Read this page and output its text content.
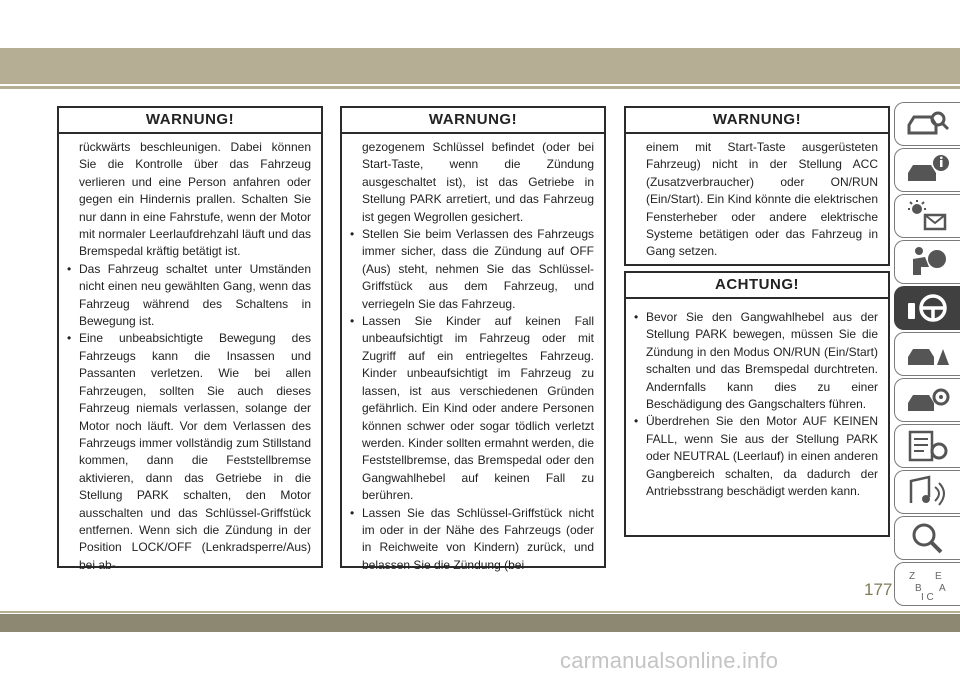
WARNUNG!
rückwärts beschleunigen. Dabei können Sie die Kontrolle über das Fahrzeug verlieren und eine Person anfahren oder gegen ein Hindernis prallen. Schalten Sie nur dann in eine Fahrstufe, wenn der Motor mit normaler Leerlaufdrehzahl läuft und das Bremspedal kräftig betätigt ist.
• Das Fahrzeug schaltet unter Umständen nicht einen neu gewählten Gang, wenn das Fahrzeug während des Schaltens in Bewegung ist.
• Eine unbeabsichtigte Bewegung des Fahrzeugs kann die Insassen und Passanten verletzen. Wie bei allen Fahrzeugen, sollten Sie auch dieses Fahrzeug niemals verlassen, solange der Motor noch läuft. Vor dem Verlassen des Fahrzeugs immer vollständig zum Stillstand kommen, dann die Feststellbremse aktivieren, dann das Getriebe in die Stellung PARK schalten, den Motor ausschalten und das Schlüssel-Griffstück entfernen. Wenn sich die Zündung in der Position LOCK/OFF (Lenkradsperre/Aus) bei ab-
WARNUNG!
gezogenem Schlüssel befindet (oder bei Start-Taste, wenn die Zündung ausgeschaltet ist), ist das Getriebe in Stellung PARK arretiert, und das Fahrzeug ist gegen Wegrollen gesichert.
• Stellen Sie beim Verlassen des Fahrzeugs immer sicher, dass die Zündung auf OFF (Aus) steht, nehmen Sie das Schlüssel-Griffstück aus dem Fahrzeug, und verriegeln Sie das Fahrzeug.
• Lassen Sie Kinder auf keinen Fall unbeaufsichtigt im Fahrzeug oder mit Zugriff auf ein entriegeltes Fahrzeug. Kinder unbeaufsichtigt im Fahrzeug zu lassen, ist aus verschiedenen Gründen gefährlich. Ein Kind oder andere Personen können schwer oder sogar tödlich verletzt werden. Kinder sollten ermahnt werden, die Feststellbremse, das Bremspedal oder den Gangwahlhebel auf keinen Fall zu berühren.
• Lassen Sie das Schlüssel-Griffstück nicht im oder in der Nähe des Fahrzeugs (oder in Reichweite von Kindern) zurück, und belassen Sie die Zündung (bei
WARNUNG!
einem mit Start-Taste ausgerüsteten Fahrzeug) nicht in der Stellung ACC (Zusatzverbraucher) oder ON/RUN (Ein/Start). Ein Kind könnte die elektrischen Fensterheber oder andere elektrische Systeme betätigen oder das Fahrzeug in Gang setzen.
ACHTUNG!
• Bevor Sie den Gangwahlhebel aus der Stellung PARK bewegen, müssen Sie die Zündung in den Modus ON/RUN (Ein/Start) schalten und das Bremspedal durchtreten. Andernfalls kann dies zu einer Beschädigung des Gangschalters führen.
• Überdrehen Sie den Motor AUF KEINEN FALL, wenn Sie aus der Stellung PARK oder NEUTRAL (Leerlauf) in einen anderen Gangbereich schalten, da dadurch der Antriebsstrang beschädigt werden kann.
Z E
B A
I C
177
carmanualsonline.info
